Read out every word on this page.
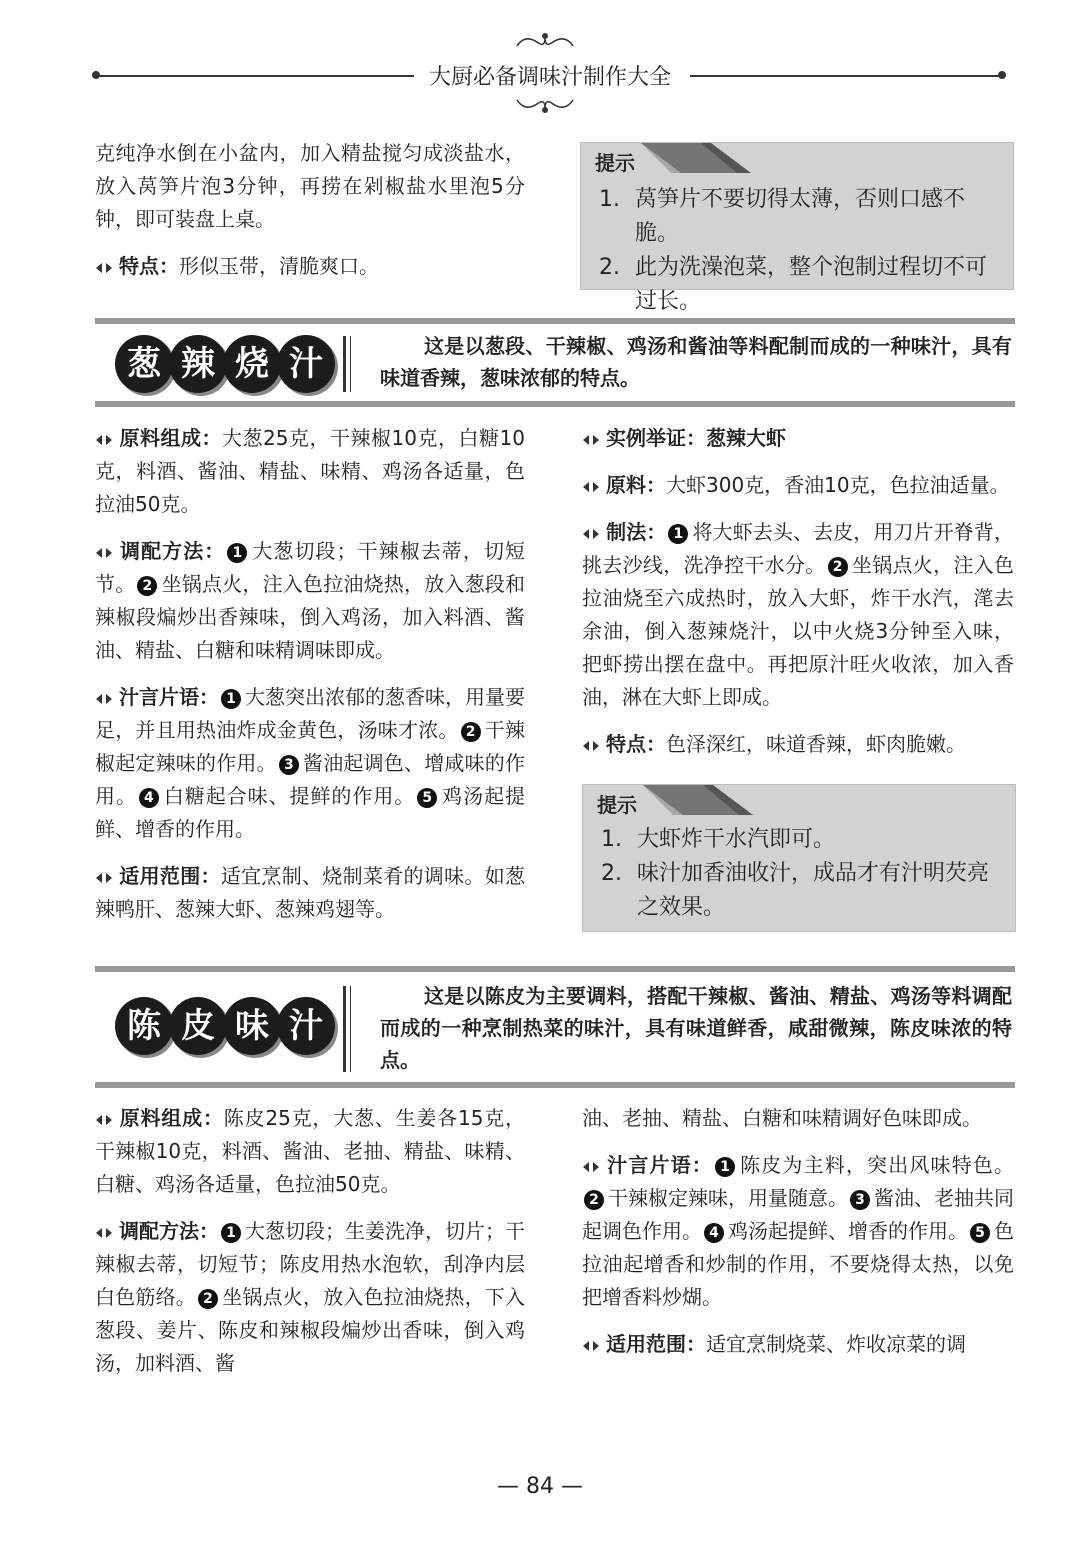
大厨必备调味汁制作大全

克纯净水倒在小盆内，加入精盐搅匀成淡盐水，放入莴笋片泡3分钟，再捞在剁椒盐水里泡5分钟，即可装盘上桌。

特点：形似玉带，清脆爽口。

提示
1. 莴笋片不要切得太薄，否则口感不脆。
2. 此为洗澡泡菜，整个泡制过程切不可过长。
葱 辣 烧 汁	这是以葱段、干辣椒、鸡汤和酱油等料配制而成的一种味汁，具有味道香辣，葱味浓郁的特点。

原料组成：大葱25克，干辣椒10克，白糖10克，料酒、酱油、精盐、味精、鸡汤各适量，色拉油50克。

调配方法： 1 大葱切段；干辣椒去蒂，切短节。 2 坐锅点火，注入色拉油烧热，放入葱段和辣椒段煸炒出香辣味，倒入鸡汤，加入料酒、酱油、精盐、白糖和味精调味即成。

汁言片语： 1 大葱突出浓郁的葱香味，用量要足，并且用热油炸成金黄色，汤味才浓。 2 干辣椒起定辣味的作用。 3 酱油起调色、增咸味的作用。 4 白糖起合味、提鲜的作用。 5 鸡汤起提鲜、增香的作用。

适用范围：适宜烹制、烧制菜肴的调味。如葱辣鸭肝、葱辣大虾、葱辣鸡翅等。

实例举证：葱辣大虾

原料：大虾300克，香油10克，色拉油适量。

制法： 1 将大虾去头、去皮，用刀片开脊背，挑去沙线，洗净控干水分。 2 坐锅点火，注入色拉油烧至六成热时，放入大虾，炸干水汽，滗去余油，倒入葱辣烧汁，以中火烧3分钟至入味，把虾捞出摆在盘中。再把原汁旺火收浓，加入香油，淋在大虾上即成。

特点：色泽深红，味道香辣，虾肉脆嫩。

提示
1. 大虾炸干水汽即可。
2. 味汁加香油收汁，成品才有汁明芡亮之效果。
陈 皮 味 汁
这是以陈皮为主要调料，搭配干辣椒、酱油、精盐、鸡汤等料调配而成的一种烹制热菜的味汁，具有味道鲜香，咸甜微辣，陈皮味浓的特点。

原料组成：陈皮25克，大葱、生姜各15克，干辣椒10克，料酒、酱油、老抽、精盐、味精、白糖、鸡汤各适量，色拉油50克。

调配方法： 1 大葱切段；生姜洗净，切片；干辣椒去蒂，切短节；陈皮用热水泡软，刮净内层白色筋络。 2 坐锅点火，放入色拉油烧热，下入葱段、姜片、陈皮和辣椒段煸炒出香味，倒入鸡汤，加料酒、酱

油、老抽、精盐、白糖和味精调好色味即成。

汁言片语： 1 陈皮为主料，突出风味特色。2 干辣椒定辣味，用量随意。 3 酱油、老抽共同起调色作用。 4 鸡汤起提鲜、增香的作用。 5 色拉油起增香和炒制的作用，不要烧得太热，以免把增香料炒煳。

适用范围：适宜烹制烧菜、炸收凉菜的调

— 84 —
